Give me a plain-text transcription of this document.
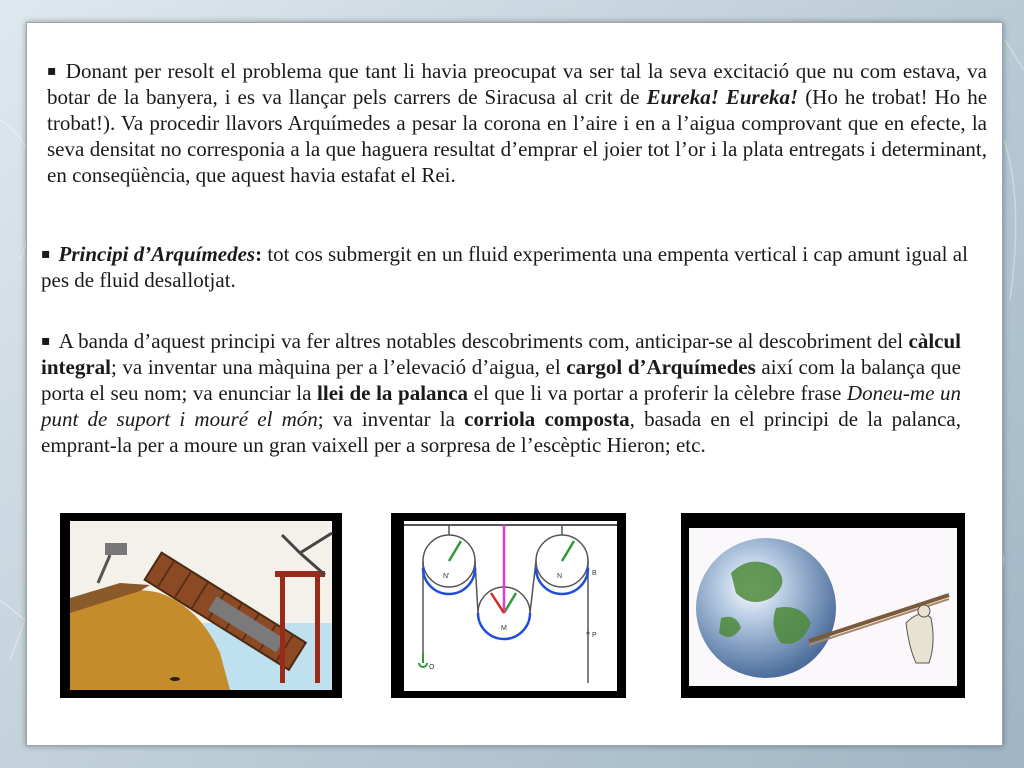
▪ Donant per resolt el problema que tant li havia preocupat va ser tal la seva excitació que nu com estava, va botar de la banyera, i es va llançar pels carrers de Siracusa al crit de Eureka! Eureka! (Ho he trobat! Ho he trobat!). Va procedir llavors Arquímedes a pesar la corona en l’aire i en a l’aigua comprovant que en efecte, la seva densitat no corresponia a la que haguera resultat d’emprar el joier tot l’or i la plata entregats i determinant, en conseqüència, que aquest havia estafat el Rei.

▪ Principi d’Arquímedes: tot cos submergit en un fluid experimenta una empenta vertical i cap amunt igual al pes de fluid desallotjat.

▪ A banda d’aquest principi va fer altres notables descobriments com, anticipar-se al descobriment del càlcul integral; va inventar una màquina per a l’elevació d’aigua, el cargol d’Arquímedes així com la balança que porta el seu nom; va enunciar la llei de la palanca el que li va portar a proferir la cèlebre frase Doneu-me un punt de suport i mouré el món; va inventar la corriola composta, basada en el principi de la palanca, emprant-la per a moure un gran vaixell per a sorpresa de l’escèptic Hieron; etc.

N'	N
M
B
P
O
